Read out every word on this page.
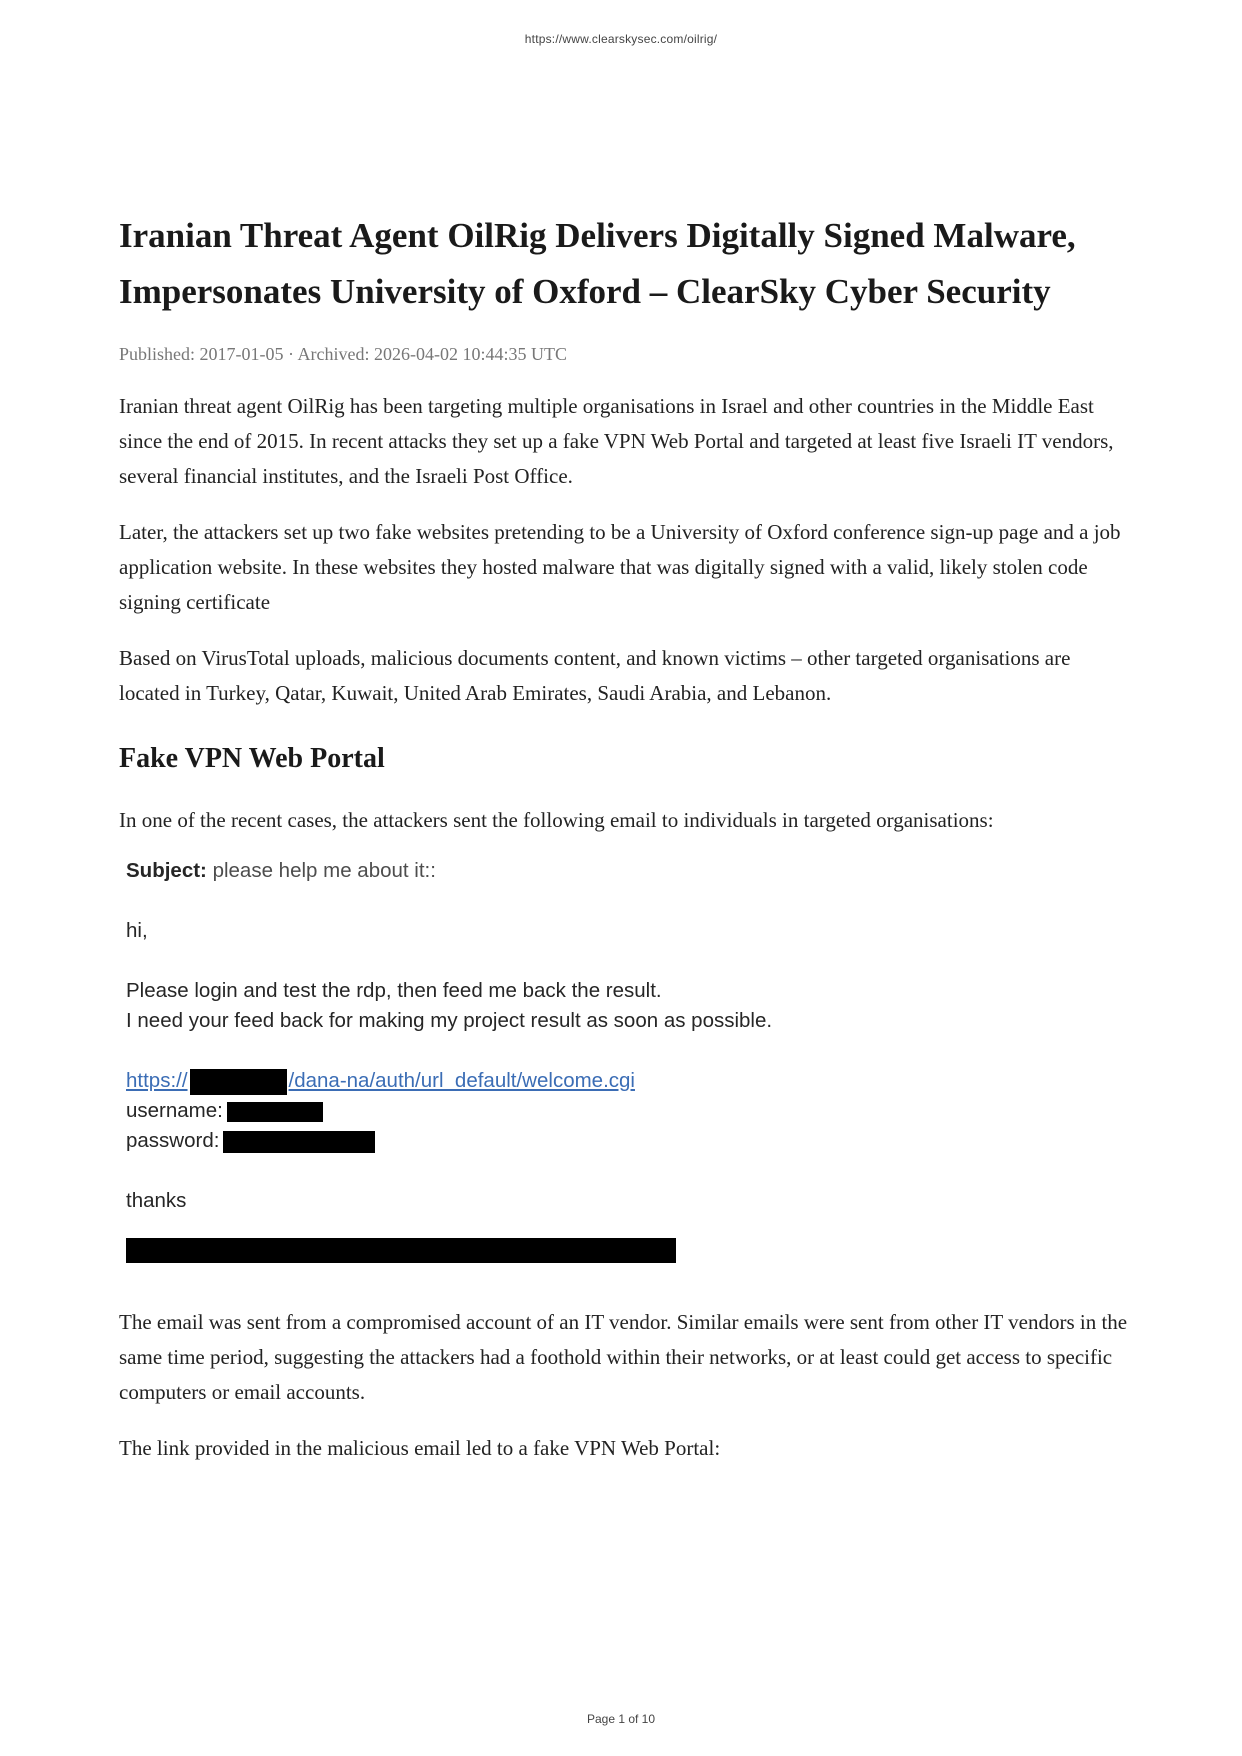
https://www.clearskysec.com/oilrig/
Iranian Threat Agent OilRig Delivers Digitally Signed Malware, Impersonates University of Oxford – ClearSky Cyber Security
Published: 2017-01-05 · Archived: 2026-04-02 10:44:35 UTC

Iranian threat agent OilRig has been targeting multiple organisations in Israel and other countries in the Middle East since the end of 2015. In recent attacks they set up a fake VPN Web Portal and targeted at least five Israeli IT vendors, several financial institutes, and the Israeli Post Office.

Later, the attackers set up two fake websites pretending to be a University of Oxford conference sign-up page and a job application website. In these websites they hosted malware that was digitally signed with a valid, likely stolen code signing certificate

Based on VirusTotal uploads, malicious documents content, and known victims – other targeted organisations are located in Turkey, Qatar, Kuwait, United Arab Emirates, Saudi Arabia, and Lebanon.

Fake VPN Web Portal

In one of the recent cases, the attackers sent the following email to individuals in targeted organisations:

Subject: please help me about it::
hi,
Please login and test the rdp, then feed me back the result.
I need your feed back for making my project result as soon as possible.
https://	/dana-na/auth/url_default/welcome.cgi
username:
password:
thanks

The email was sent from a compromised account of an IT vendor. Similar emails were sent from other IT vendors in the same time period, suggesting the attackers had a foothold within their networks, or at least could get access to specific computers or email accounts.

The link provided in the malicious email led to a fake VPN Web Portal:

Page 1 of 10
